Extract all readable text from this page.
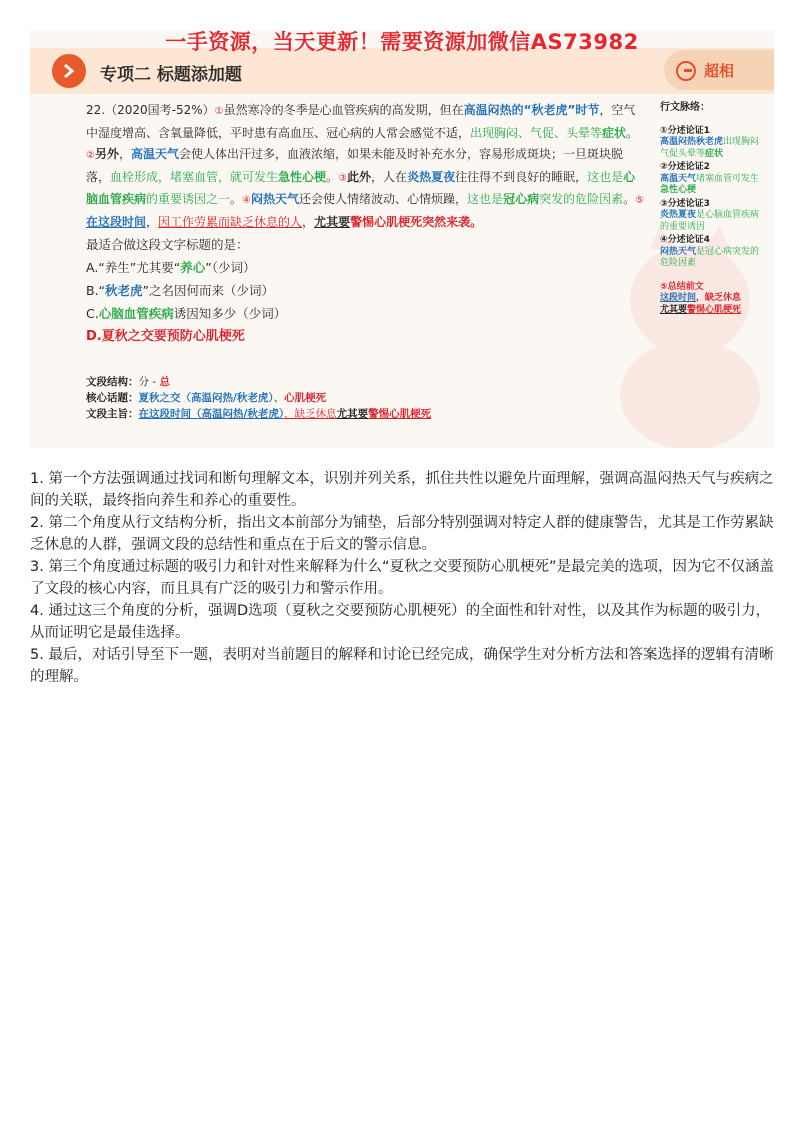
一手资源，当天更新！需要资源加微信AS73982
专项二 标题添加题	超相

22.（2020国考-52%）①虽然寒冷的冬季是心血管疾病的高发期，但在高温闷热的“秋老虎”时节，空气中湿度增高、含氧量降低，平时患有高血压、冠心病的人常会感觉不适，出现胸闷、气促、头晕等症状。②另外，高温天气会使人体出汗过多，血液浓缩，如果未能及时补充水分，容易形成斑块；一旦斑块脱落，血栓形成，堵塞血管，就可发生急性心梗。③此外，人在炎热夏夜往往得不到良好的睡眠，这也是心脑血管疾病的重要诱因之一。④闷热天气还会使人情绪波动、心情烦躁，这也是冠心病突发的危险因素。⑤在这段时间，因工作劳累而缺乏休息的人，尤其要警惕心肌梗死突然来袭。

最适合做这段文字标题的是：

A.“养生”尤其要“养心”（少词）

B.“秋老虎”之名因何而来（少词）

C.心脑血管疾病诱因知多少（少词）

D.夏秋之交要预防心肌梗死

文段结构：分 - 总
核心话题：夏秋之交（高温闷热/秋老虎）、心肌梗死
文段主旨：在这段时间（高温闷热/秋老虎），缺乏休息尤其要警惕心肌梗死
行文脉络：
①分述论证1
高温闷热秋老虎出现胸闷气促头晕等症状
②分述论证2
高温天气堵塞血管可发生急性心梗
③分述论证3
炎热夏夜是心脑血管疾病的重要诱因
④分述论证4
闷热天气是冠心病突发的危险因素
⑤总结前文
这段时间，缺乏休息
尤其要警惕心肌梗死

1. 第一个方法强调通过找词和断句理解文本，识别并列关系，抓住共性以避免片面理解，强调高温闷热天气与疾病之间的关联，最终指向养生和养心的重要性。

2. 第二个角度从行文结构分析，指出文本前部分为铺垫，后部分特别强调对特定人群的健康警告，尤其是工作劳累缺乏休息的人群，强调文段的总结性和重点在于后文的警示信息。

3. 第三个角度通过标题的吸引力和针对性来解释为什么“夏秋之交要预防心肌梗死”是最完美的选项，因为它不仅涵盖了文段的核心内容，而且具有广泛的吸引力和警示作用。

4. 通过这三个角度的分析，强调D选项（夏秋之交要预防心肌梗死）的全面性和针对性，以及其作为标题的吸引力，从而证明它是最佳选择。

5. 最后，对话引导至下一题，表明对当前题目的解释和讨论已经完成，确保学生对分析方法和答案选择的逻辑有清晰的理解。
